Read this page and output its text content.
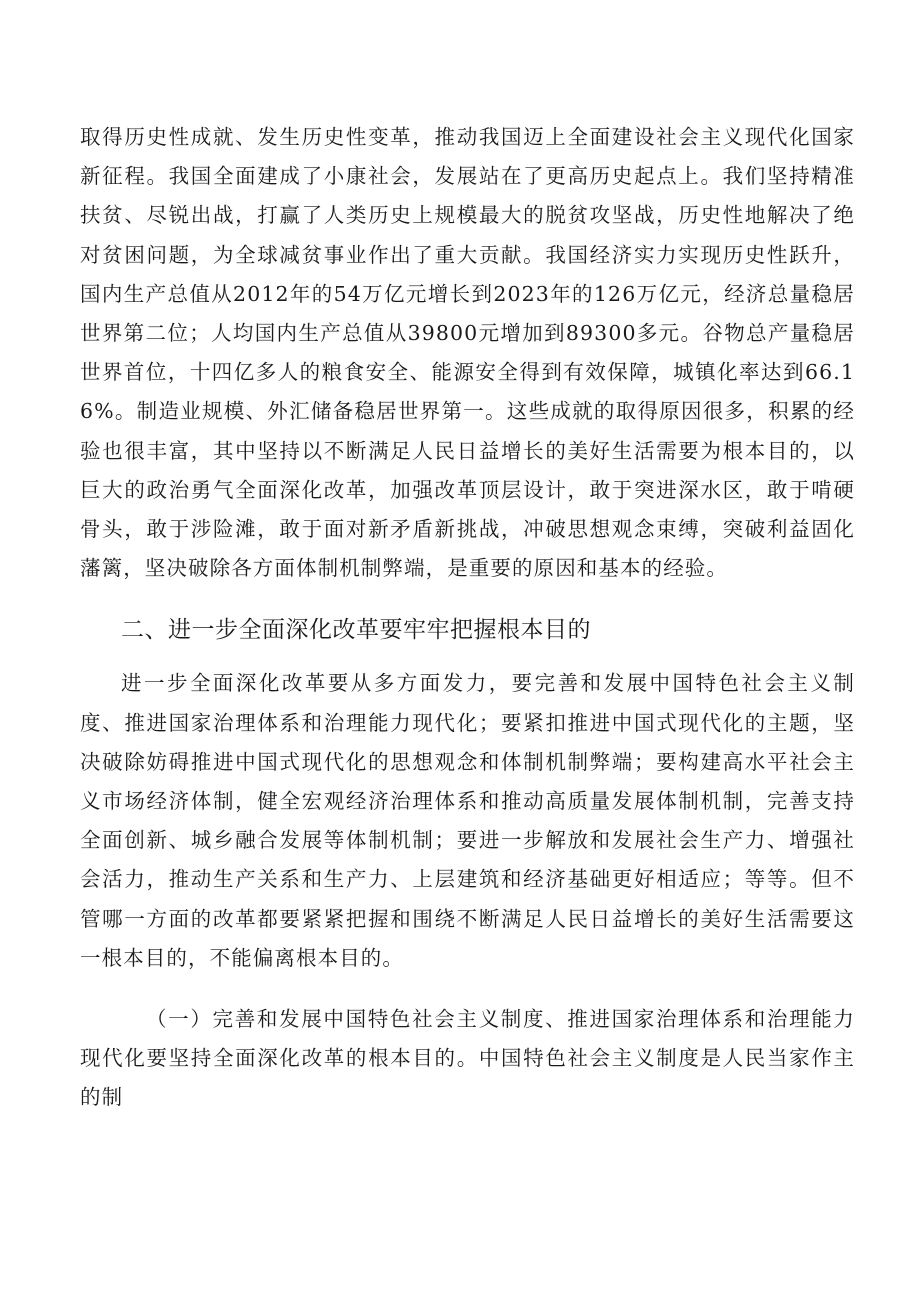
取得历史性成就、发生历史性变革，推动我国迈上全面建设社会主义现代化国家新征程。我国全面建成了小康社会，发展站在了更高历史起点上。我们坚持精准扶贫、尽锐出战，打赢了人类历史上规模最大的脱贫攻坚战，历史性地解决了绝对贫困问题，为全球减贫事业作出了重大贡献。我国经济实力实现历史性跃升，国内生产总值从2012年的54万亿元增长到2023年的126万亿元，经济总量稳居世界第二位；人均国内生产总值从39800元增加到89300多元。谷物总产量稳居世界首位，十四亿多人的粮食安全、能源安全得到有效保障，城镇化率达到66.16%。制造业规模、外汇储备稳居世界第一。这些成就的取得原因很多，积累的经验也很丰富，其中坚持以不断满足人民日益增长的美好生活需要为根本目的，以巨大的政治勇气全面深化改革，加强改革顶层设计，敢于突进深水区，敢于啃硬骨头，敢于涉险滩，敢于面对新矛盾新挑战，冲破思想观念束缚，突破利益固化藩篱，坚决破除各方面体制机制弊端，是重要的原因和基本的经验。

二、进一步全面深化改革要牢牢把握根本目的

进一步全面深化改革要从多方面发力，要完善和发展中国特色社会主义制度、推进国家治理体系和治理能力现代化；要紧扣推进中国式现代化的主题，坚决破除妨碍推进中国式现代化的思想观念和体制机制弊端；要构建高水平社会主义市场经济体制，健全宏观经济治理体系和推动高质量发展体制机制，完善支持全面创新、城乡融合发展等体制机制；要进一步解放和发展社会生产力、增强社会活力，推动生产关系和生产力、上层建筑和经济基础更好相适应；等等。但不管哪一方面的改革都要紧紧把握和围绕不断满足人民日益增长的美好生活需要这一根本目的，不能偏离根本目的。

（一）完善和发展中国特色社会主义制度、推进国家治理体系和治理能力现代化要坚持全面深化改革的根本目的。中国特色社会主义制度是人民当家作主的制
